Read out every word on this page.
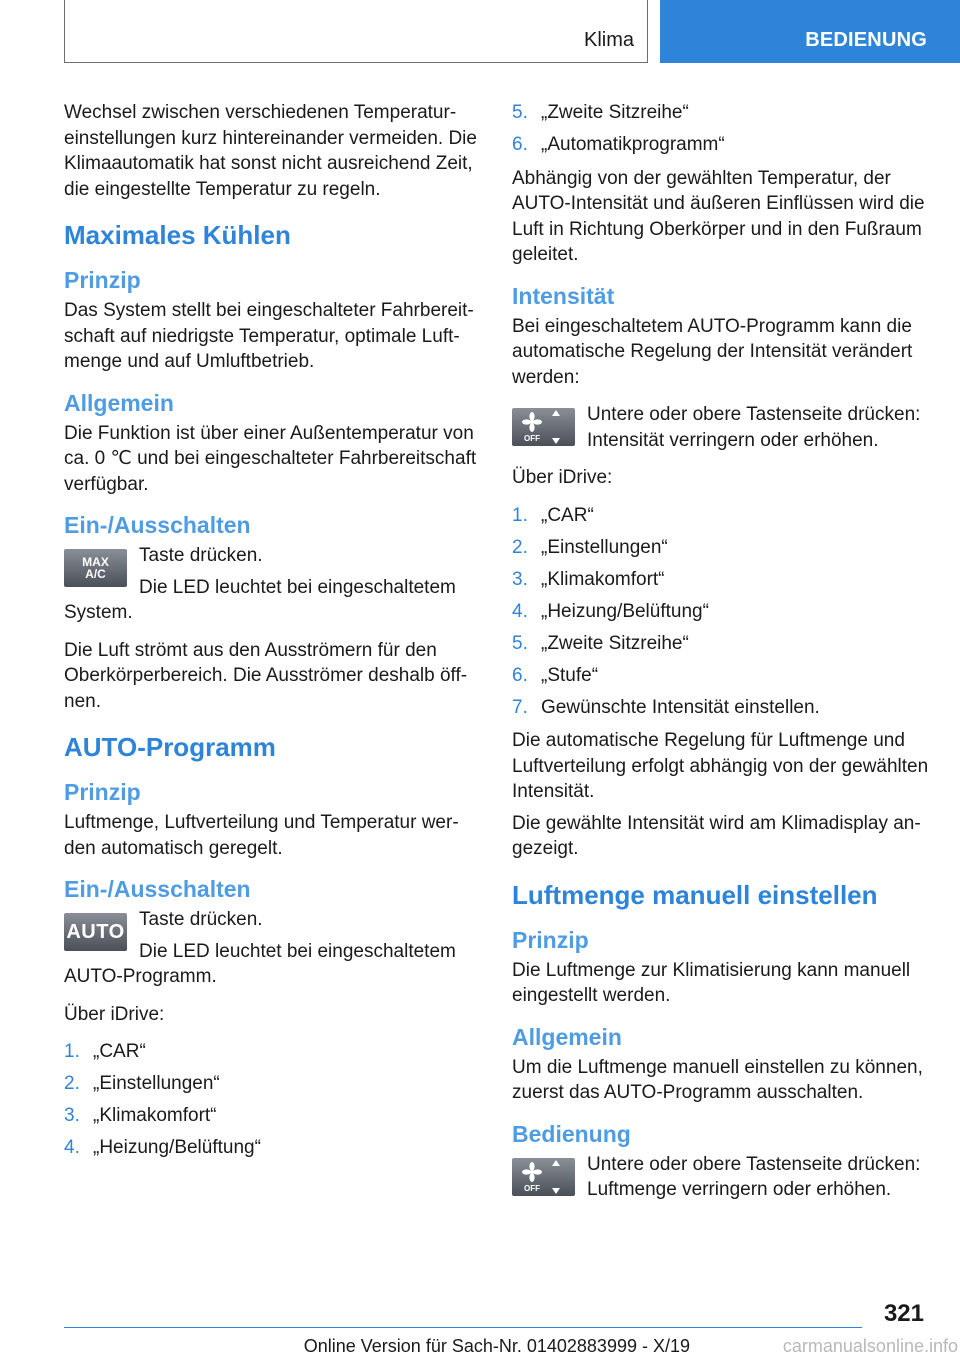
Klima	BEDIENUNG

Wechsel zwischen verschiedenen Temperatureinstellungen kurz hintereinander vermeiden. Die Klimaautomatik hat sonst nicht ausreichend Zeit, die eingestellte Temperatur zu regeln.

Maximales Kühlen
Prinzip

Das System stellt bei eingeschalteter Fahrbereitschaft auf niedrigste Temperatur, optimale Luftmenge und auf Umluftbetrieb.

Allgemein

Die Funktion ist über einer Außentemperatur von ca. 0 ℃ und bei eingeschalteter Fahrbereitschaft verfügbar.

Ein-/Ausschalten
MAX
A/C

Taste drücken.

Die LED leuchtet bei eingeschaltetem System.

Die Luft strömt aus den Ausströmern für den Oberkörperbereich. Die Ausströmer deshalb öffnen.

AUTO-Programm
Prinzip

Luftmenge, Luftverteilung und Temperatur werden automatisch geregelt.

Ein-/Ausschalten
AUTO

Taste drücken.

Die LED leuchtet bei eingeschaltetem AUTO-Programm.

Über iDrive:

1. „CAR“
2. „Einstellungen“
3. „Klimakomfort“
4. „Heizung/Belüftung“
5. „Zweite Sitzreihe“
6. „Automatikprogramm“

Abhängig von der gewählten Temperatur, der AUTO-Intensität und äußeren Einflüssen wird die Luft in Richtung Oberkörper und in den Fußraum geleitet.

Intensität

Bei eingeschaltetem AUTO-Programm kann die automatische Regelung der Intensität verändert werden:

OFF

Untere oder obere Tastenseite drücken: Intensität verringern oder erhöhen.

Über iDrive:

1. „CAR“
2. „Einstellungen“
3. „Klimakomfort“
4. „Heizung/Belüftung“
5. „Zweite Sitzreihe“
6. „Stufe“
7. Gewünschte Intensität einstellen.

Die automatische Regelung für Luftmenge und Luftverteilung erfolgt abhängig von der gewählten Intensität.

Die gewählte Intensität wird am Klimadisplay angezeigt.

Luftmenge manuell einstellen
Prinzip

Die Luftmenge zur Klimatisierung kann manuell eingestellt werden.

Allgemein

Um die Luftmenge manuell einstellen zu können, zuerst das AUTO-Programm ausschalten.

Bedienung
OFF

Untere oder obere Tastenseite drücken: Luftmenge verringern oder erhöhen.

321
Online Version für Sach-Nr. 01402883999 - X/19	carmanualsonline.info
